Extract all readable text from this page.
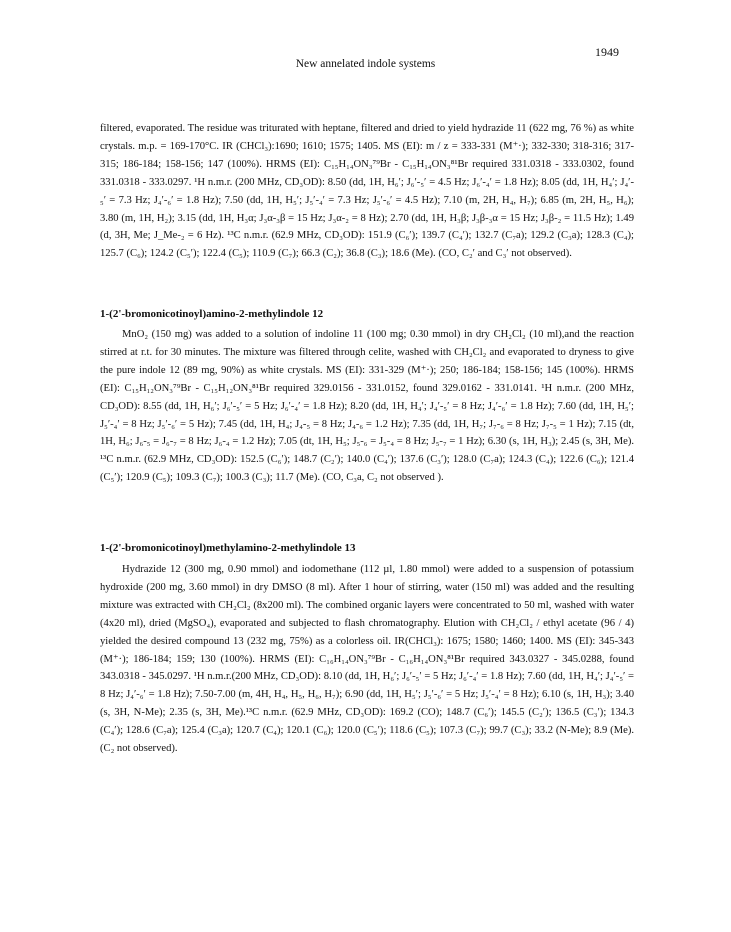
New annelated indole systems
1949

filtered, evaporated. The residue was triturated with heptane, filtered and dried to yield hydrazide 11 (622 mg, 76 %) as white crystals. m.p. = 169-170°C. IR (CHCl₃):1690; 1610; 1575; 1405. MS (EI): m / z = 333-331 (M⁺·); 332-330; 318-316; 317- 315; 186-184; 158-156; 147 (100%). HRMS (EI): C₁₅H₁₄ON₃⁷⁹Br - C₁₅H₁₄ON₃⁸¹Br required 331.0318 - 333.0302, found 331.0318 - 333.0297. ¹H n.m.r. (200 MHz, CD₃OD): 8.50 (dd, 1H, H₆′; J₆′-₅′ = 4.5 Hz; J₆′-₄′ = 1.8 Hz); 8.05 (dd, 1H, H₄′; J₄′-₅′ = 7.3 Hz; J₄′-₆′ = 1.8 Hz); 7.50 (dd, 1H, H₅′; J₅′-₄′ = 7.3 Hz; J₅′-₆′ = 4.5 Hz); 7.10 (m, 2H, H₄, H₇); 6.85 (m, 2H, H₅, H₆); 3.80 (m, 1H, H₂); 3.15 (dd, 1H, H₃α; J₃α-₃β = 15 Hz; J₃α-₂ = 8 Hz); 2.70 (dd, 1H, H₃β; J₃β-₃α = 15 Hz; J₃β-₂ = 11.5 Hz); 1.49 (d, 3H, Me; J_Me-₂ = 6 Hz). ¹³C n.m.r. (62.9 MHz, CD₃OD): 151.9 (C₆′); 139.7 (C₄′); 132.7 (C₇a); 129.2 (C₃a); 128.3 (C₄); 125.7 (C₆); 124.2 (C₅′); 122.4 (C₅); 110.9 (C₇); 66.3 (C₂); 36.8 (C₃); 18.6 (Me). (CO, C₂′ and C₃′ not observed).

1-(2'-bromonicotinoyl)amino-2-methylindole 12

MnO₂ (150 mg) was added to a solution of indoline 11 (100 mg; 0.30 mmol) in dry CH₂Cl₂ (10 ml),and the reaction stirred at r.t. for 30 minutes. The mixture was filtered through celite, washed with CH₂Cl₂ and evaporated to dryness to give the pure indole 12 (89 mg, 90%) as white crystals. MS (EI): 331-329 (M⁺·); 250; 186-184; 158-156; 145 (100%). HRMS (EI): C₁₅H₁₂ON₃⁷⁹Br - C₁₅H₁₂ON₃⁸¹Br required 329.0156 - 331.0152, found 329.0162 - 331.0141. ¹H n.m.r. (200 MHz, CD₃OD): 8.55 (dd, 1H, H₆′; J₆′-₅′ = 5 Hz; J₆′-₄′ = 1.8 Hz); 8.20 (dd, 1H, H₄′; J₄′-₅′ = 8 Hz; J₄′-₆′ = 1.8 Hz); 7.60 (dd, 1H, H₅′; J₅′-₄′ = 8 Hz; J₅′-₆′ = 5 Hz); 7.45 (dd, 1H, H₄; J₄-₅ = 8 Hz; J₄-₆ = 1.2 Hz); 7.35 (dd, 1H, H₇; J₇-₆ = 8 Hz; J₇-₅ = 1 Hz); 7.15 (dt, 1H, H₆; J₆-₅ = J₆-₇ = 8 Hz; J₆-₄ = 1.2 Hz); 7.05 (dt, 1H, H₅; J₅-₆ = J₅-₄ = 8 Hz; J₅-₇ = 1 Hz); 6.30 (s, 1H, H₃); 2.45 (s, 3H, Me). ¹³C n.m.r. (62.9 MHz, CD₃OD): 152.5 (C₆′); 148.7 (C₂′); 140.0 (C₄′); 137.6 (C₃′); 128.0 (C₇a); 124.3 (C₄); 122.6 (C₆); 121.4 (C₅′); 120.9 (C₅); 109.3 (C₇); 100.3 (C₃); 11.7 (Me). (CO, C₃a, C₂ not observed ).

1-(2'-bromonicotinoyl)methylamino-2-methylindole 13

Hydrazide 12 (300 mg, 0.90 mmol) and iodomethane (112 µl, 1.80 mmol) were added to a suspension of potassium hydroxide (200 mg, 3.60 mmol) in dry DMSO (8 ml). After 1 hour of stirring, water (150 ml) was added and the resulting mixture was extracted with CH₂Cl₂ (8x200 ml). The combined organic layers were concentrated to 50 ml, washed with water (4x20 ml), dried (MgSO₄), evaporated and subjected to flash chromatography. Elution with CH₂Cl₂ / ethyl acetate (96 / 4) yielded the desired compound 13 (232 mg, 75%) as a colorless oil. IR(CHCl₃): 1675; 1580; 1460; 1400. MS (EI): 345-343 (M⁺·); 186-184; 159; 130 (100%). HRMS (EI): C₁₆H₁₄ON₃⁷⁹Br - C₁₆H₁₄ON₃⁸¹Br required 343.0327 - 345.0288, found 343.0318 - 345.0297. ¹H n.m.r.(200 MHz, CD₃OD): 8.10 (dd, 1H, H₆′; J₆′-₅′ = 5 Hz; J₆′-₄′ = 1.8 Hz); 7.60 (dd, 1H, H₄′; J₄′-₅′ = 8 Hz; J₄′-₆′ = 1.8 Hz); 7.50-7.00 (m, 4H, H₄, H₅, H₆, H₇); 6.90 (dd, 1H, H₅′; J₅′-₆′ = 5 Hz; J₅′-₄′ = 8 Hz); 6.10 (s, 1H, H₃); 3.40 (s, 3H, N-Me); 2.35 (s, 3H, Me).¹³C n.m.r. (62.9 MHz, CD₃OD): 169.2 (CO); 148.7 (C₆′); 145.5 (C₂′); 136.5 (C₃′); 134.3 (C₄′); 128.6 (C₇a); 125.4 (C₃a); 120.7 (C₄); 120.1 (C₆); 120.0 (C₅′); 118.6 (C₅); 107.3 (C₇); 99.7 (C₃); 33.2 (N-Me); 8.9 (Me).(C₂ not observed).
